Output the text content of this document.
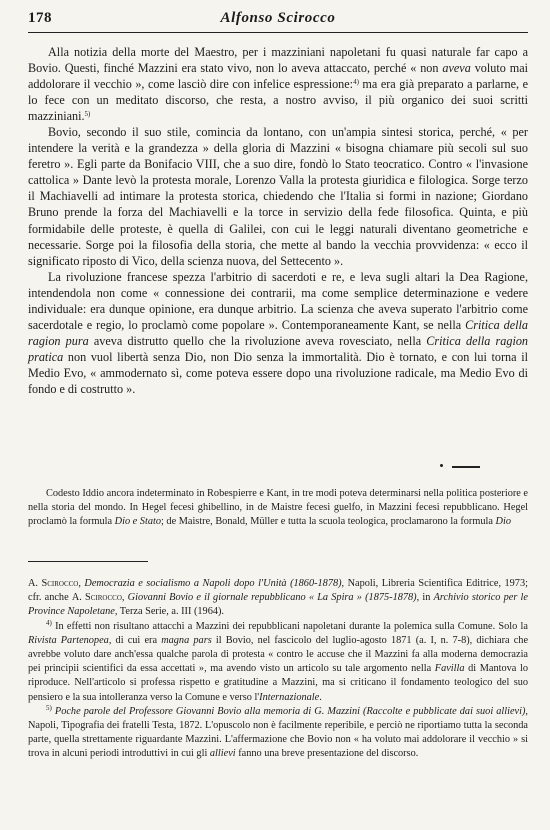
178	Alfonso Scirocco

Alla notizia della morte del Maestro, per i mazziniani napoletani fu quasi naturale far capo a Bovio. Questi, finché Mazzini era stato vivo, non lo aveva attaccato, perché « non aveva voluto mai addolorare il vecchio », come lasciò dire con infelice espressione:$^{4)}$ ma era già preparato a parlarne, e lo fece con un meditato discorso, che resta, a nostro avviso, il più organico dei suoi scritti mazziniani.$^{5)}$

Bovio, secondo il suo stile, comincia da lontano, con un'ampia sintesi storica, perché, « per intendere la verità e la grandezza » della gloria di Mazzini « bisogna chiamare più secoli sul suo feretro ». Egli parte da Bonifacio VIII, che a suo dire, fondò lo Stato teocratico. Contro « l'invasione cattolica » Dante levò la protesta morale, Lorenzo Valla la protesta giuridica e filologica. Sorge terzo il Machiavelli ad intimare la protesta storica, chiedendo che l'Italia si formi in nazione; Giordano Bruno prende la forza del Machiavelli e la torce in servizio della fede filosofica. Quinta, e più formidabile delle proteste, è quella di Galilei, con cui le leggi naturali diventano geometriche e necessarie. Sorge poi la filosofia della storia, che mette al bando la vecchia provvidenza: « ecco il significato riposto di Vico, della scienza nuova, del Settecento ».

La rivoluzione francese spezza l'arbitrio di sacerdoti e re, e leva sugli altari la Dea Ragione, intendendola non come « connessione dei contrarii, ma come semplice determinazione e vedere individuale: era dunque opinione, era dunque arbitrio. La scienza che aveva superato l'arbitrio come sacerdotale e regio, lo proclamò come popolare ». Contemporaneamente Kant, se nella Critica della ragion pura aveva distrutto quello che la rivoluzione aveva rovesciato, nella Critica della ragion pratica non vuol libertà senza Dio, non Dio senza la immortalità. Dio è tornato, e con lui torna il Medio Evo, « ammodernato sì, come poteva essere dopo una rivoluzione radicale, ma Medio Evo di fondo e di costrutto ».

Codesto Iddio ancora indeterminato in Robespierre e Kant, in tre modi poteva determinarsi nella politica posteriore e nella storia del mondo. In Hegel fecesi ghibellino, in de Maistre fecesi guelfo, in Mazzini fecesi repubblicano. Hegel proclamò la formula Dio e Stato; de Maistre, Bonald, Müller e tutta la scuola teologica, proclamarono la formula Dio

A. Scirocco, Democrazia e socialismo a Napoli dopo l'Unità (1860-1878), Napoli, Libreria Scientifica Editrice, 1973; cfr. anche A. Scirocco, Giovanni Bovio e il giornale repubblicano « La Spira » (1875-1878), in Archivio storico per le Province Napoletane, Terza Serie, a. III (1964).

$^{4)}$ In effetti non risultano attacchi a Mazzini dei repubblicani napoletani durante la polemica sulla Comune. Solo la Rivista Partenopea, di cui era magna pars il Bovio, nel fascicolo del luglio-agosto 1871 (a. I, n. 7-8), dichiara che avrebbe voluto dare anch'essa qualche parola di protesta « contro le accuse che il Mazzini fa alla moderna democrazia pei principii scientifici da essa accettati », ma avendo visto un articolo su tale argomento nella Favilla di Mantova lo riproduce. Nell'articolo si professa rispetto e gratitudine a Mazzini, ma si criticano il fondamento teologico del suo pensiero e la sua intolleranza verso la Comune e verso l'Internazionale.

$^{5)}$ Poche parole del Professore Giovanni Bovio alla memoria di G. Mazzini (Raccolte e pubblicate dai suoi allievi), Napoli, Tipografia dei fratelli Testa, 1872. L'opuscolo non è facilmente reperibile, e perciò ne riportiamo tutta la seconda parte, quella strettamente riguardante Mazzini. L'affermazione che Bovio non « ha voluto mai addolorare il vecchio » si trova in alcuni periodi introduttivi in cui gli allievi fanno una breve presentazione del discorso.
